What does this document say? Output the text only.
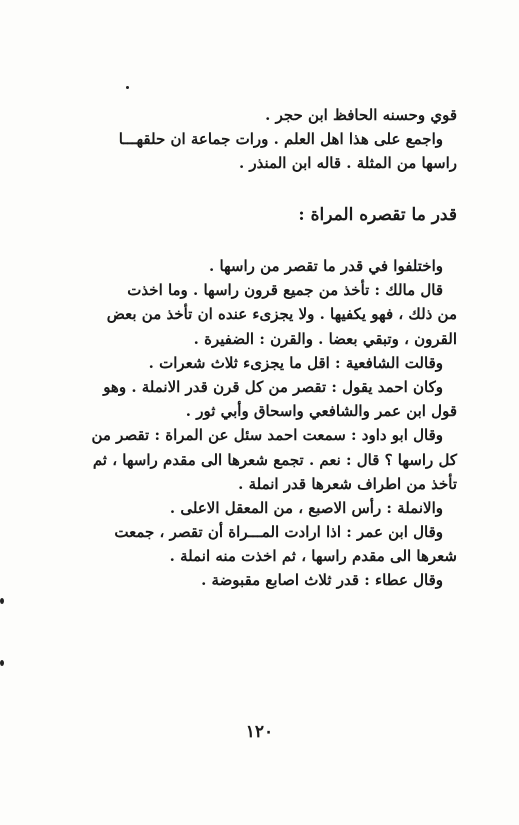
قوي وحسنه الحافظ ابن حجر .
واجمع على هذا اهل العلم . ورات جماعة ان حلقهـــا
راسها من المثلة . قاله ابن المنذر .
قدر ما تقصره المراة :
واختلفوا في قدر ما تقصر من راسها .
قال مالك : تأخذ من جميع قرون راسها . وما اخذت
من ذلك ، فهو يكفيها . ولا يجزىء عنده ان تأخذ من بعض
القرون ، وتبقي بعضا . والقرن : الضفيرة .
وقالت الشافعية : اقل ما يجزىء ثلاث شعرات .
وكان احمد يقول : تقصر من كل قرن قدر الانملة . وهو
قول ابن عمر والشافعي واسحاق وأبي ثور .
وقال ابو داود : سمعت احمد سئل عن المراة : تقصر من
كل راسها ؟ قال : نعم . تجمع شعرها الى مقدم راسها ، ثم
تأخذ من اطراف شعرها قدر انملة .
والانملة : رأس الاصبع ، من المعقل الاعلى .
وقال ابن عمر : اذا ارادت المـــراة أن تقصر ، جمعت
شعرها الى مقدم راسها ، ثم اخذت منه انملة .
وقال عطاء : قدر ثلاث اصابع مقبوضة .
١٢٠
